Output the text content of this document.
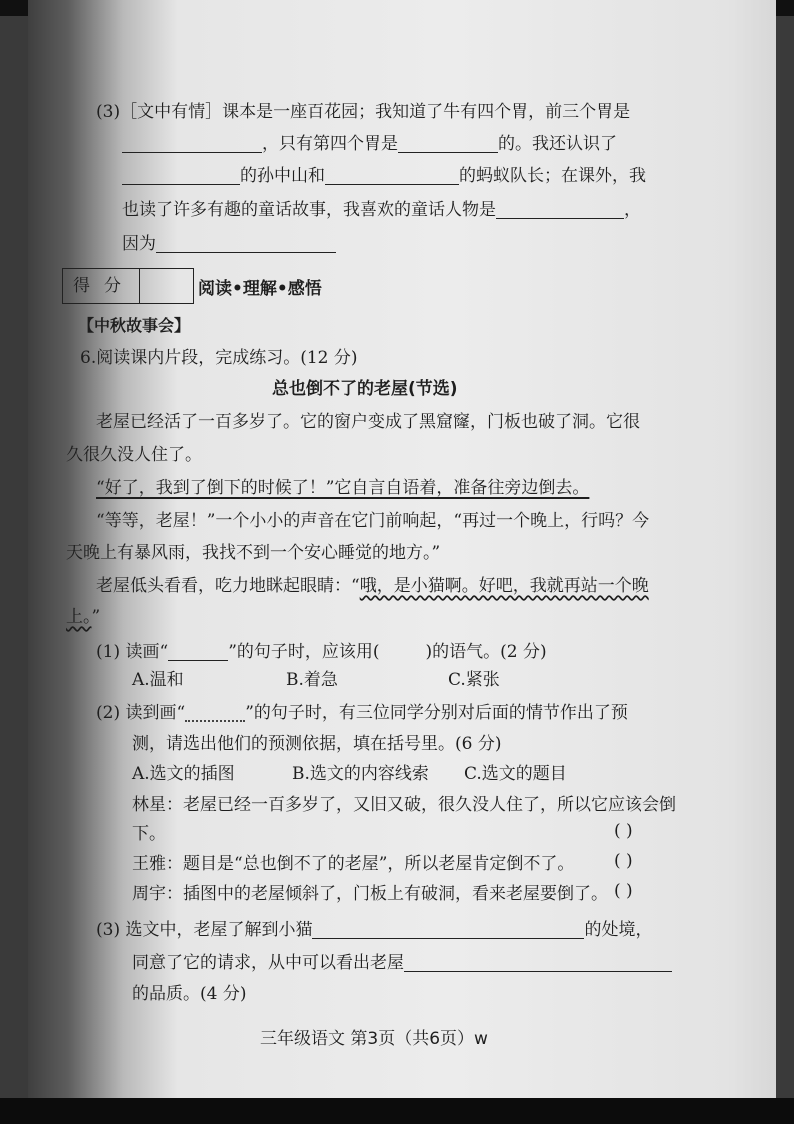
(3)［文中有情］课本是一座百花园；我知道了牛有四个胃，前三个胃是
，只有第四个胃是	的。我还认识了
的孙中山和	的蚂蚁队长；在课外，我
也读了许多有趣的童话故事，我喜欢的童话人物是	，
因为
得分	阅读•理解•感悟
【中秋故事会】
6.阅读课内片段，完成练习。(12 分)
总也倒不了的老屋(节选)
老屋已经活了一百多岁了。它的窗户变成了黑窟窿，门板也破了洞。它很
久很久没人住了。
“好了，我到了倒下的时候了！”它自言自语着，准备往旁边倒去。
“等等，老屋！”一个小小的声音在它门前响起，“再过一个晚上，行吗？今
天晚上有暴风雨，我找不到一个安心睡觉的地方。”
老屋低头看看，吃力地眯起眼睛：“哦，是小猫啊。好吧，我就再站一个晚
上。”
(1) 读画“	”的句子时，应该用(	)的语气。(2 分)
A.温和	B.着急	C.紧张
(2) 读到画“	”的句子时，有三位同学分别对后面的情节作出了预
测，请选出他们的预测依据，填在括号里。(6 分)
A.选文的插图	B.选文的内容线索 C.选文的题目
林星：老屋已经一百多岁了，又旧又破，很久没人住了，所以它应该会倒
下。	( )
王雅：题目是“总也倒不了的老屋”，所以老屋肯定倒不了。 ( )
周宇：插图中的老屋倾斜了，门板上有破洞，看来老屋要倒了。 ( )
(3) 选文中，老屋了解到小猫	的处境，
同意了它的请求，从中可以看出老屋
的品质。(4 分)
三年级语文 第3页（共6页）w
